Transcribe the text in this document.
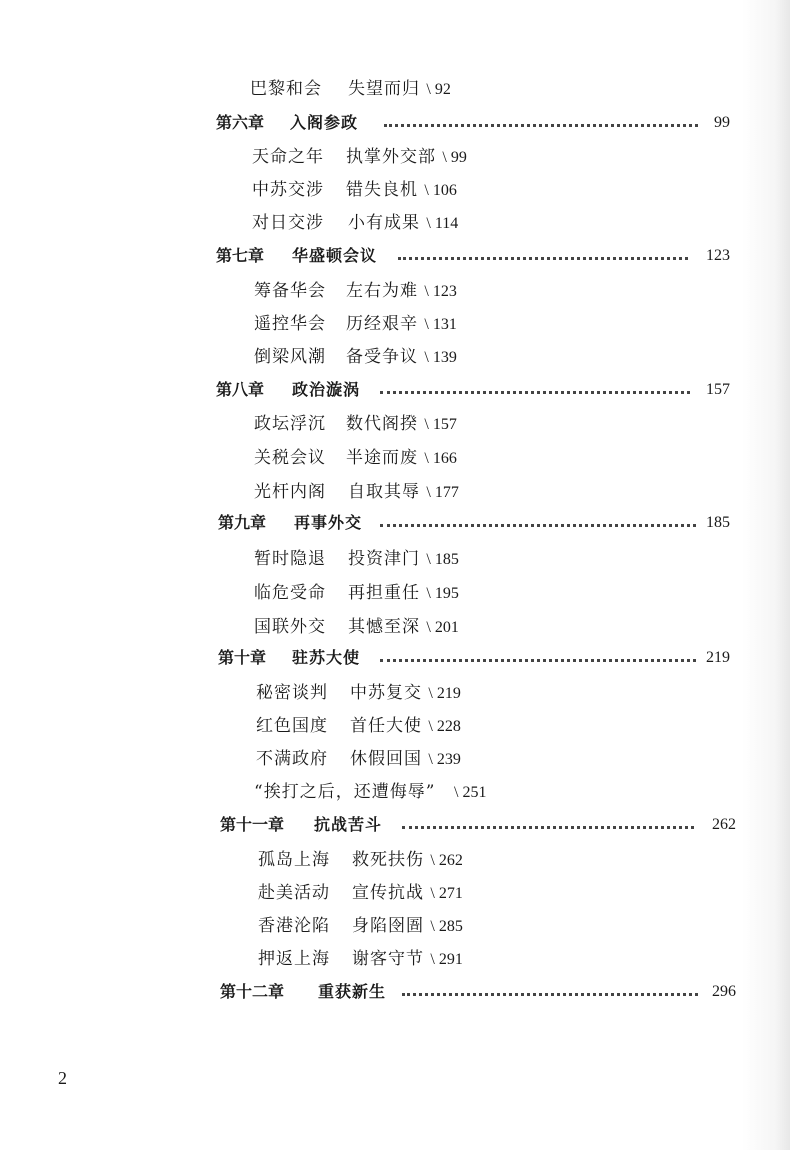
巴黎和会 失望而归 \ 92
第六章 入阁参政	99
天命之年 执掌外交部 \ 99
中苏交涉 错失良机 \ 106
对日交涉 小有成果 \ 114
第七章 华盛顿会议	123
筹备华会 左右为难 \ 123
遥控华会 历经艰辛 \ 131
倒梁风潮 备受争议 \ 139
第八章 政治漩涡	157
政坛浮沉 数代阁揆 \ 157
关税会议 半途而废 \ 166
光杆内阁 自取其辱 \ 177
第九章 再事外交	185
暂时隐退 投资津门 \ 185
临危受命 再担重任 \ 195
国联外交 其憾至深 \ 201
第十章 驻苏大使	219
秘密谈判 中苏复交 \ 219
红色国度 首任大使 \ 228
不满政府 休假回国 \ 239
“挨打之后，还遭侮辱” \ 251
第十一章 抗战苦斗	262
孤岛上海 救死扶伤 \ 262
赴美活动 宣传抗战 \ 271
香港沦陷 身陷囹圄 \ 285
押返上海 谢客守节 \ 291
第十二章 重获新生	296
2
